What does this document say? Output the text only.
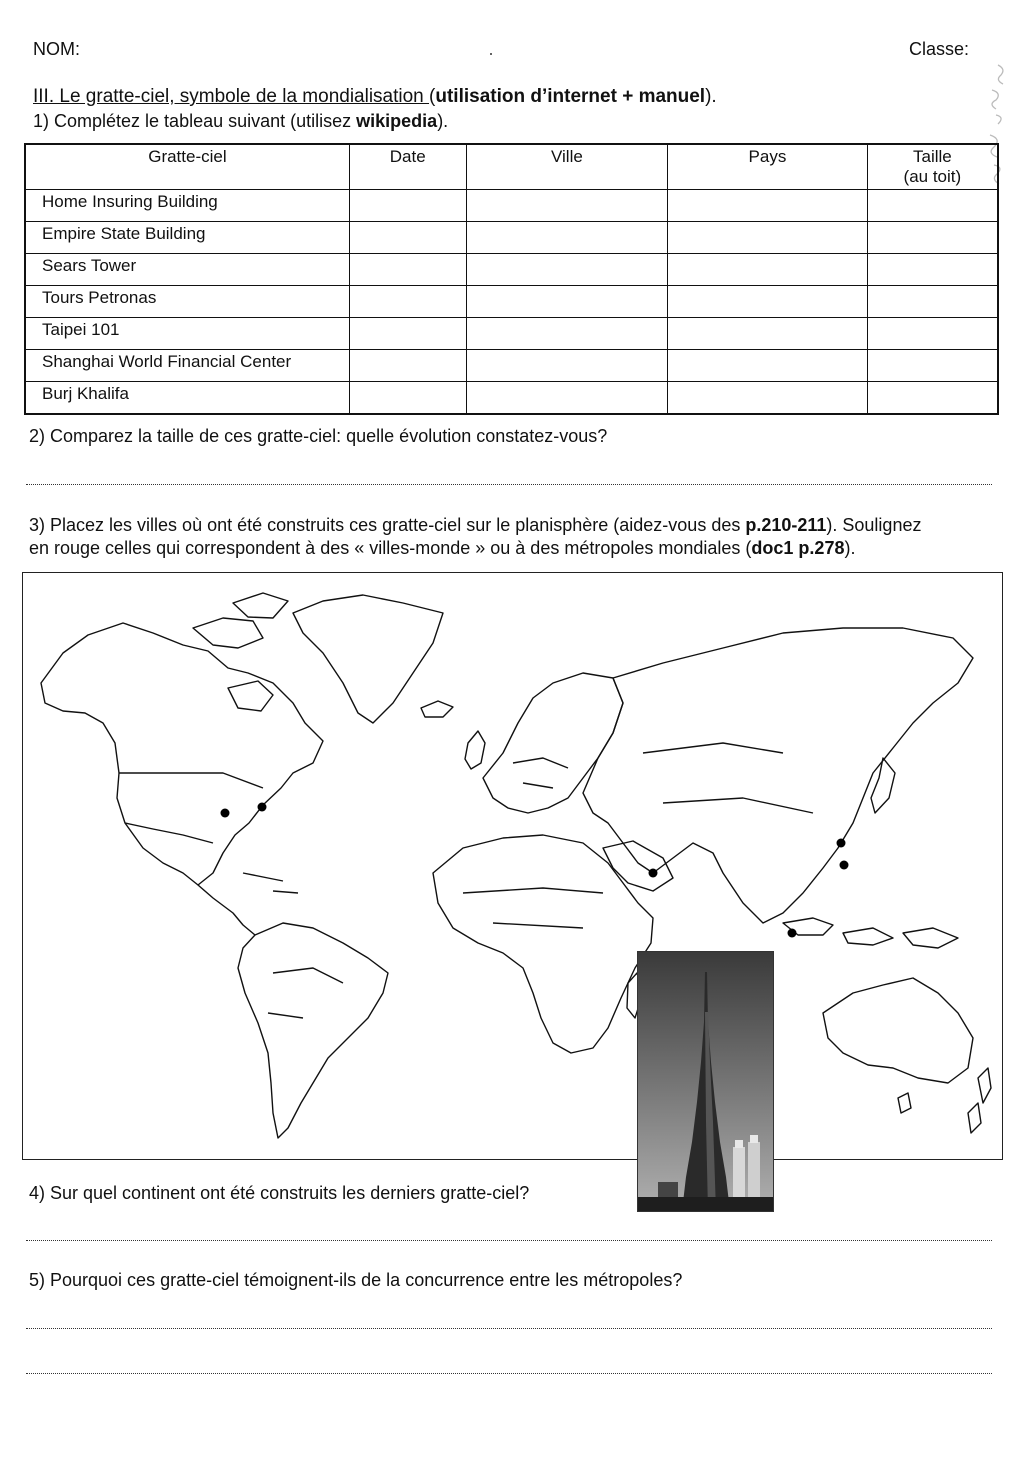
NOM:	Classe:
III. Le gratte-ciel, symbole de la mondialisation (utilisation d’internet + manuel).
1) Complétez le tableau suivant (utilisez wikipedia).
Gratte-ciel	Date	Ville	Pays	Taille
(au toit)
Home Insuring Building				
Empire State Building				
Sears Tower				
Tours Petronas				
Taipei 101				
Shanghai World Financial Center				
Burj Khalifa				
2) Comparez la taille de ces gratte-ciel: quelle évolution constatez-vous?
3) Placez les villes où ont été construits ces gratte-ciel sur le planisphère (aidez-vous des p.210-211). Soulignez
en rouge celles qui correspondent à des « villes-monde » ou à des métropoles mondiales (doc1 p.278).
4) Sur quel continent ont été construits les derniers gratte-ciel?
5) Pourquoi ces gratte-ciel témoignent-ils de la concurrence entre les métropoles?
